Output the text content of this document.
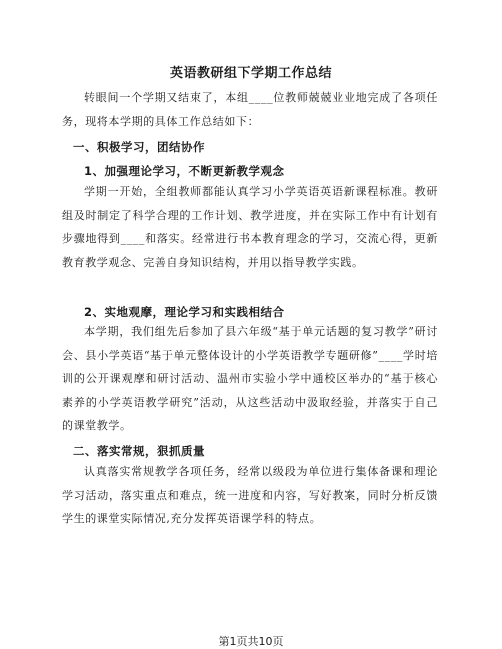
英语教研组下学期工作总结
转眼间一个学期又结束了，本组____位教师兢兢业业地完成了各项任务，现将本学期的具体工作总结如下：
一、积极学习，团结协作
1、加强理论学习，不断更新教学观念
学期一开始，全组教师都能认真学习小学英语英语新课程标准。教研组及时制定了科学合理的工作计划、教学进度，并在实际工作中有计划有步骤地得到____和落实。经常进行书本教育理念的学习，交流心得，更新教育教学观念、完善自身知识结构，并用以指导教学实践。
2、实地观摩，理论学习和实践相结合
本学期，我们组先后参加了县六年级“基于单元话题的复习教学”研讨会、县小学英语“基于单元整体设计的小学英语教学专题研修”____学时培训的公开课观摩和研讨活动、温州市实验小学中通校区举办的“基于核心素养的小学英语教学研究”活动，从这些活动中汲取经验，并落实于自己的课堂教学。
二、落实常规，狠抓质量
认真落实常规教学各项任务，经常以级段为单位进行集体备课和理论学习活动，落实重点和难点，统一进度和内容，写好教案，同时分析反馈学生的课堂实际情况,充分发挥英语课学科的特点。
第1页共10页
